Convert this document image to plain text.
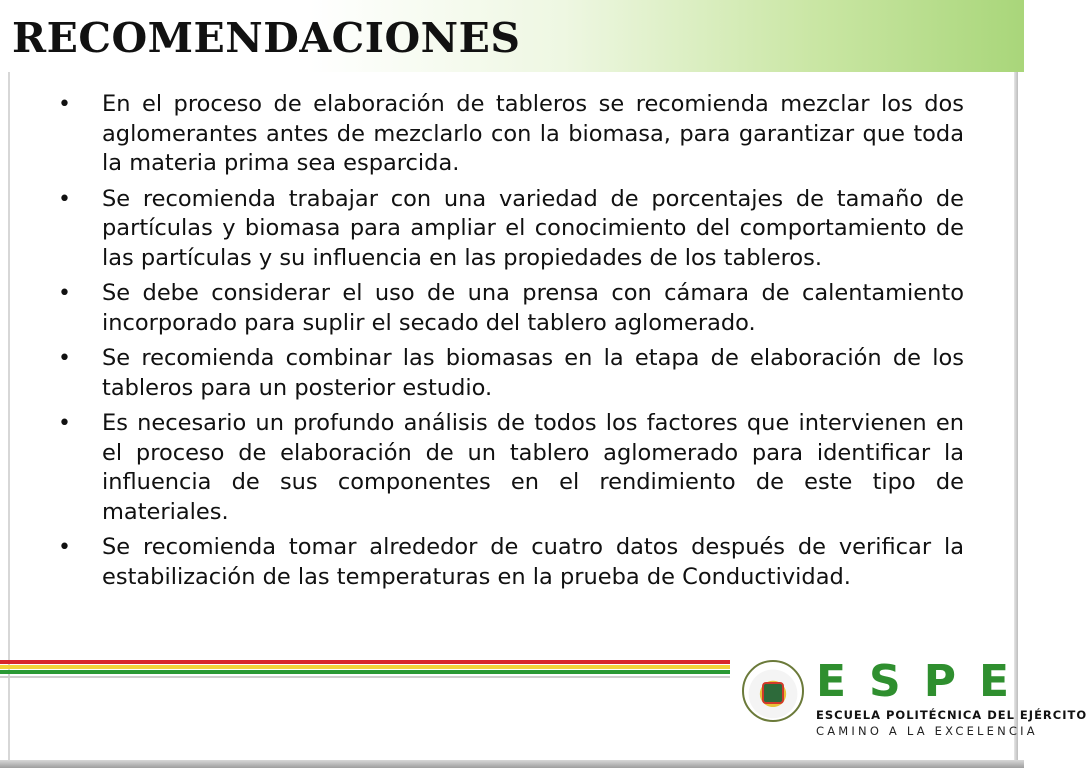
RECOMENDACIONES
•	En el proceso de elaboración de tableros se recomienda mezclar los dos aglomerantes antes de mezclarlo con la biomasa, para garantizar que toda la materia prima sea esparcida.
•	Se recomienda trabajar con una variedad de porcentajes de tamaño de partículas y biomasa para ampliar el conocimiento del comportamiento de las partículas y su influencia en las propiedades de los tableros.
•	Se debe considerar el uso de una prensa con cámara de calentamiento incorporado para suplir el secado del tablero aglomerado.
•	Se recomienda combinar las biomasas en la etapa de elaboración de los tableros para un posterior estudio.
•	Es necesario un profundo análisis de todos los factores que intervienen en el proceso de elaboración de un tablero aglomerado para identificar la influencia de sus componentes en el rendimiento de este tipo de materiales.
•	Se recomienda tomar alrededor de cuatro datos después de verificar la estabilización de las temperaturas en la prueba de Conductividad.
ESPE
ESCUELA POLITÉCNICA DEL EJÉRCITO
CAMINO A LA EXCELENCIA
